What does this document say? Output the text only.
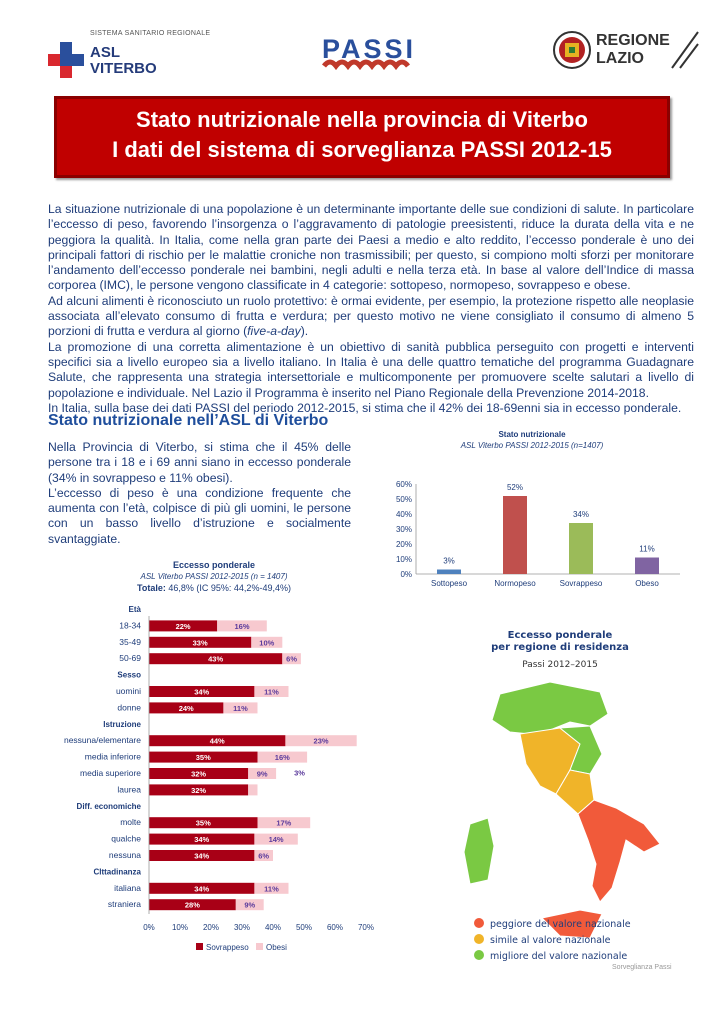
SISTEMA SANITARIO REGIONALE
ASL
VITERBO
PASSI	REGIONE
LAZIO
Stato nutrizionale nella provincia di Viterbo
I dati del sistema di sorveglianza PASSI 2012-15

La situazione nutrizionale di una popolazione è un determinante importante delle sue condizioni di salute. In particolare l’eccesso di peso, favorendo l’insorgenza o l’aggravamento di patologie preesistenti, riduce la durata della vita e ne peggiora la qualità. In Italia, come nella gran parte dei Paesi a medio e alto reddito, l’eccesso ponderale è uno dei principali fattori di rischio per le malattie croniche non trasmissibili; per questo, si compiono molti sforzi per monitorare l’andamento dell’eccesso ponderale nei bambini, negli adulti e nella terza età. In base al valore dell’Indice di massa corporea (IMC), le persone vengono classificate in 4 categorie: sottopeso, normopeso, sovrappeso e obese.

Ad alcuni alimenti è riconosciuto un ruolo protettivo: è ormai evidente, per esempio, la protezione rispetto alle neoplasie associata all’elevato consumo di frutta e verdura; per questo motivo ne viene consigliato il consumo di almeno 5 porzioni di frutta e verdura al giorno (five-a-day).

La promozione di una corretta alimentazione è un obiettivo di sanità pubblica perseguito con progetti e interventi specifici sia a livello europeo sia a livello italiano. In Italia è una delle quattro tematiche del programma Guadagnare Salute, che rappresenta una strategia intersettoriale e multicomponente per promuovere scelte salutari a livello di popolazione e individuale. Nel Lazio il Programma è inserito nel Piano Regionale della Prevenzione 2014-2018.

In Italia, sulla base dei dati PASSI del periodo 2012-2015, si stima che il 42% dei 18-69enni sia in eccesso ponderale.

Stato nutrizionale nell’ASL di Viterbo

Nella Provincia di Viterbo, si stima che il 45% delle persone tra i 18 e i 69 anni siano in eccesso ponderale (34% in sovrappeso e 11% obesi).

L’eccesso di peso è una condizione frequente che aumenta con l’età, colpisce di più gli uomini, le persone con un basso livello d’istruzione e socialmente svantaggiate.

Stato nutrizionale
ASL Viterbo PASSI 2012-2015 (n=1407)
0%
10%
20%
30%
40%
50%
60%
3%
Sottopeso
52%
Normopeso
34%
Sovrappeso
11%
Obeso
Eccesso ponderale
ASL Viterbo PASSI 2012-2015 (n = 1407)
Totale: 46,8% (IC 95%: 44,2%-49,4%)
Età
18-34	22%	16%
35-49	33%	10%
50-69	43%	6%
Sesso
uomini	34%	11%
donne	24%	11%
Istruzione
nessuna/elementare	44%	23%
media inferiore	35%	16%
media superiore	32%	9%	3%
laurea	32%
Diff. economiche
molte	35%	17%
qualche	34%	14%
nessuna	34%	6%
CIttadinanza
italiana	34%	11%
straniera	28%	9%
0% 10% 20% 30% 40% 50% 60% 70%
Sovrappeso Obesi
Eccesso ponderale
per regione di residenza
Passi 2012–2015
peggiore del valore nazionale
simile al valore nazionale
migliore del valore nazionale
Sorveglianza Passi
